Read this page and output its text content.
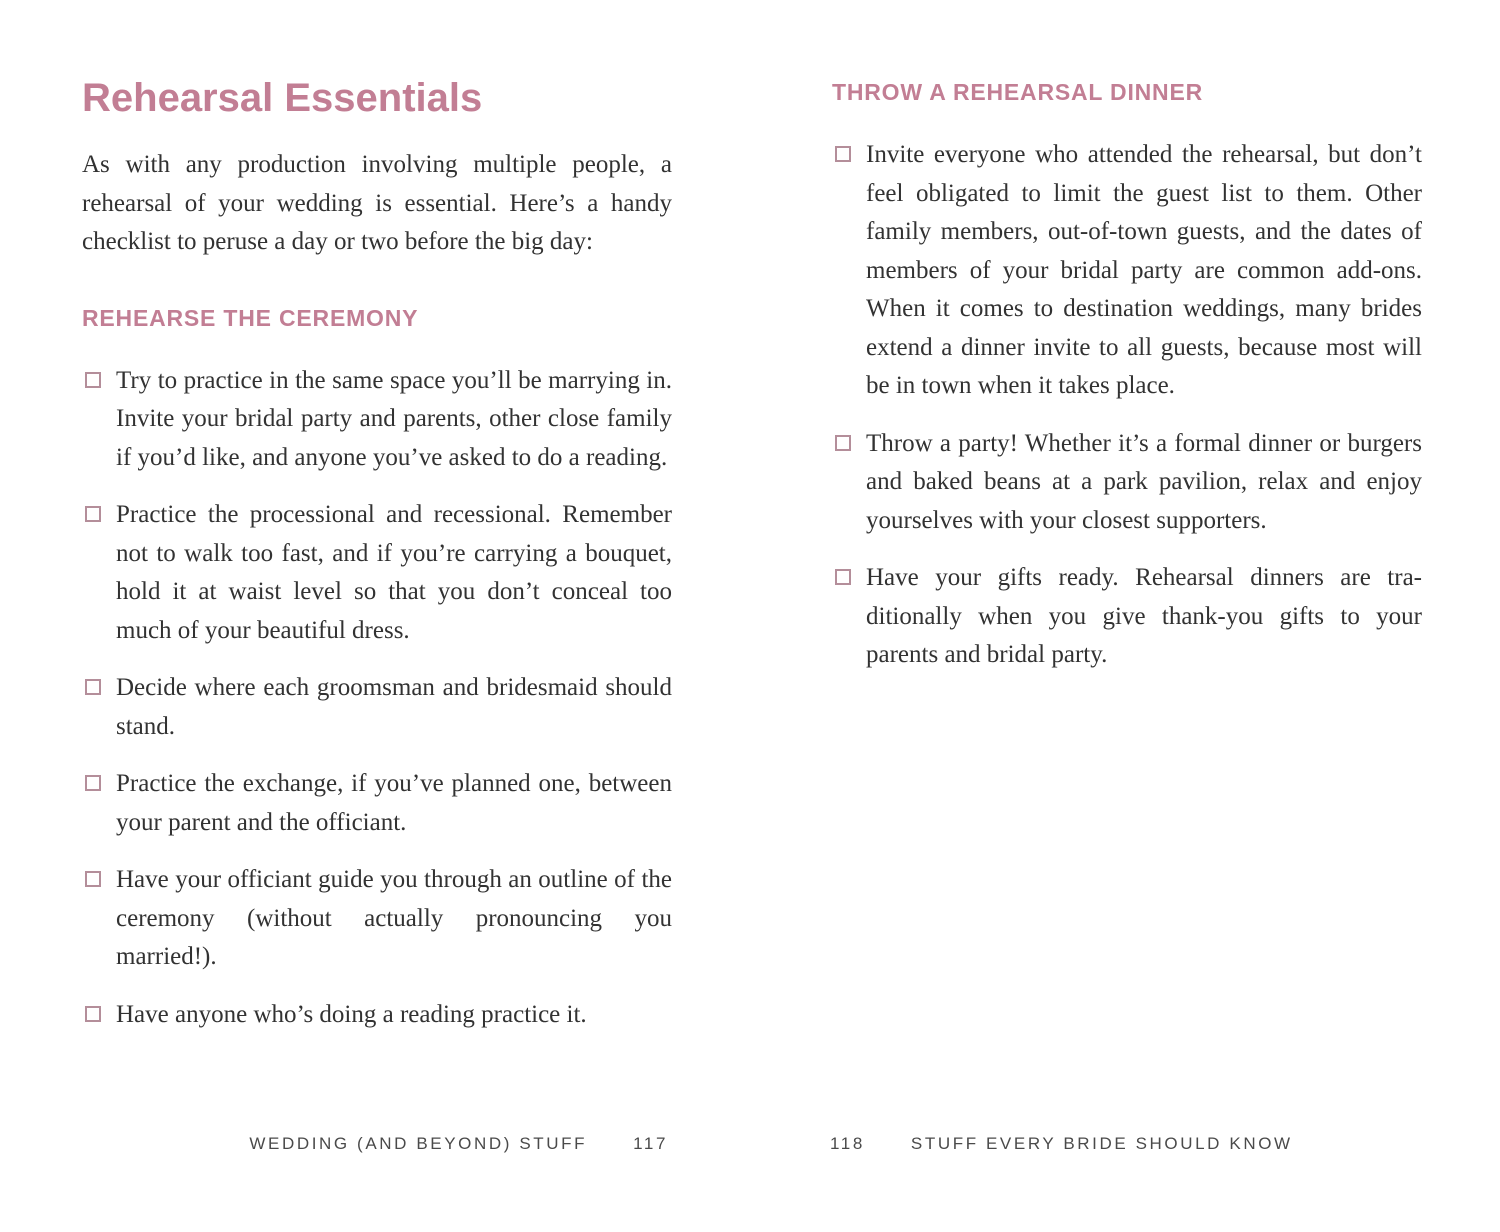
Rehearsal Essentials

As with any production involving multiple people, a rehearsal of your wedding is essential. Here’s a handy checklist to peruse a day or two before the big day:

REHEARSE THE CEREMONY
Try to practice in the same space you’ll be marrying in. Invite your bridal party and parents, other close family if you’d like, and anyone you’ve asked to do a reading.
Practice the processional and recessional. Remember not to walk too fast, and if you’re carrying a bouquet, hold it at waist level so that you don’t conceal too much of your beautiful dress.
Decide where each groomsman and bridesmaid should stand.
Practice the exchange, if you’ve planned one, between your parent and the officiant.
Have your officiant guide you through an outline of the ceremony (without actually pronouncing you married!).
Have anyone who’s doing a reading practice it.
THROW A REHEARSAL DINNER
Invite everyone who attended the rehearsal, but don’t feel obligated to limit the guest list to them. Other family members, out-of-town guests, and the dates of members of your bridal party are common add-ons. When it comes to destination weddings, many brides extend a dinner invite to all guests, because most will be in town when it takes place.
Throw a party! Whether it’s a formal dinner or burgers and baked beans at a park pavilion, relax and enjoy yourselves with your closest supporters.
Have your gifts ready. Rehearsal dinners are traditionally when you give thank-you gifts to your parents and bridal party.
WEDDING (AND BEYOND) STUFF	117	118	STUFF EVERY BRIDE SHOULD KNOW
